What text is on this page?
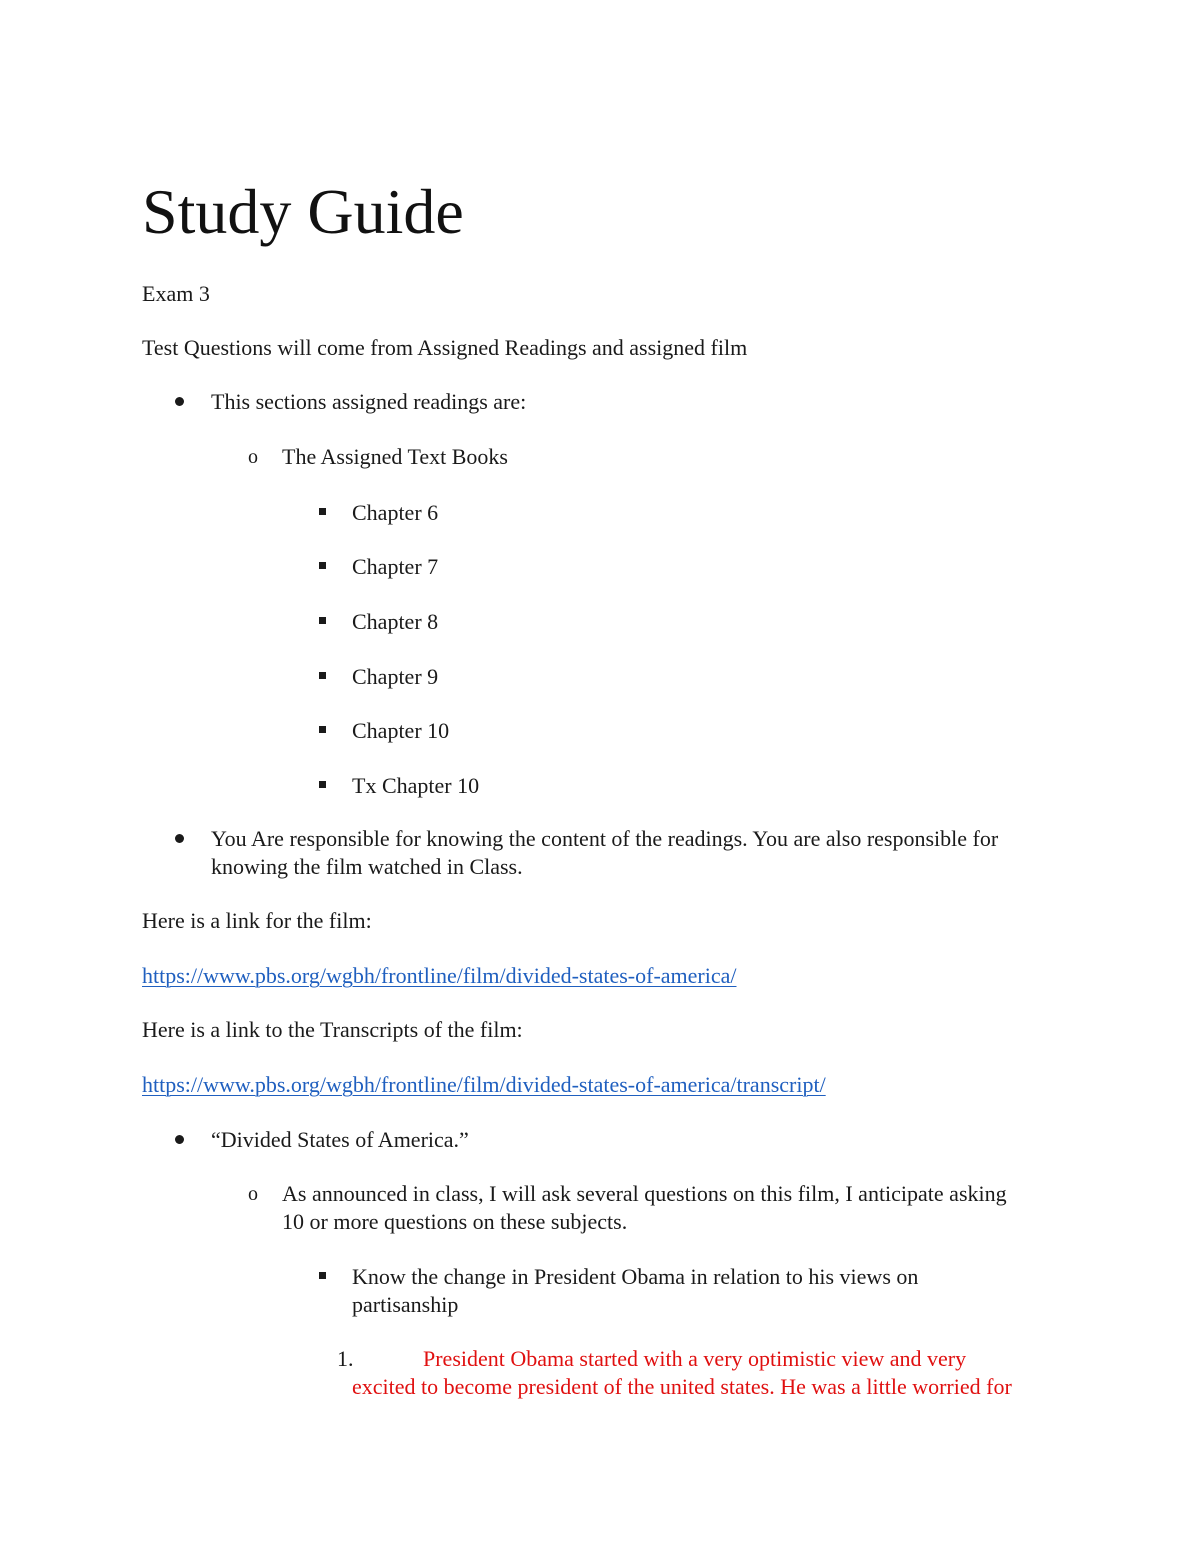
Study Guide
Exam 3
Test Questions will come from Assigned Readings and assigned film
This sections assigned readings are:
o The Assigned Text Books
Chapter 6
Chapter 7
Chapter 8
Chapter 9
Chapter 10
Tx Chapter 10
You Are responsible for knowing the content of the readings. You are also responsible for
knowing the film watched in Class.
Here is a link for the film:
https://www.pbs.org/wgbh/frontline/film/divided-states-of-america/
Here is a link to the Transcripts of the film:
https://www.pbs.org/wgbh/frontline/film/divided-states-of-america/transcript/
“Divided States of America.”
o As announced in class, I will ask several questions on this film, I anticipate asking
10 or more questions on these subjects.
Know the change in President Obama in relation to his views on
partisanship
1.	President Obama started with a very optimistic view and very
excited to become president of the united states. He was a little worried for
